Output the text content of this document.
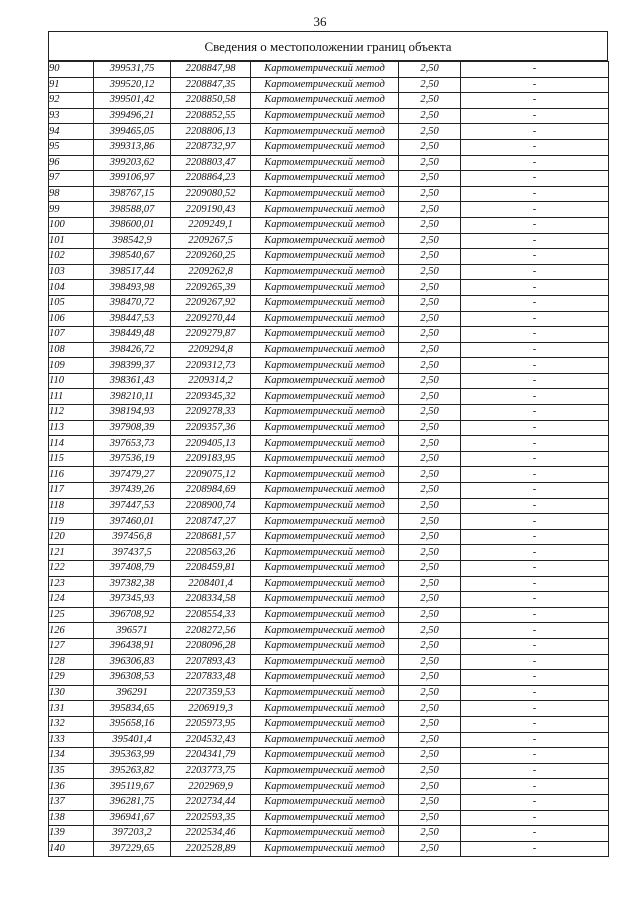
36
Сведения о местоположении границ объекта
90	399531,75	2208847,98	Картометрический метод	2,50	-
91	399520,12	2208847,35	Картометрический метод	2,50	-
92	399501,42	2208850,58	Картометрический метод	2,50	-
93	399496,21	2208852,55	Картометрический метод	2,50	-
94	399465,05	2208806,13	Картометрический метод	2,50	-
95	399313,86	2208732,97	Картометрический метод	2,50	-
96	399203,62	2208803,47	Картометрический метод	2,50	-
97	399106,97	2208864,23	Картометрический метод	2,50	-
98	398767,15	2209080,52	Картометрический метод	2,50	-
99	398588,07	2209190,43	Картометрический метод	2,50	-
100	398600,01	2209249,1	Картометрический метод	2,50	-
101	398542,9	2209267,5	Картометрический метод	2,50	-
102	398540,67	2209260,25	Картометрический метод	2,50	-
103	398517,44	2209262,8	Картометрический метод	2,50	-
104	398493,98	2209265,39	Картометрический метод	2,50	-
105	398470,72	2209267,92	Картометрический метод	2,50	-
106	398447,53	2209270,44	Картометрический метод	2,50	-
107	398449,48	2209279,87	Картометрический метод	2,50	-
108	398426,72	2209294,8	Картометрический метод	2,50	-
109	398399,37	2209312,73	Картометрический метод	2,50	-
110	398361,43	2209314,2	Картометрический метод	2,50	-
111	398210,11	2209345,32	Картометрический метод	2,50	-
112	398194,93	2209278,33	Картометрический метод	2,50	-
113	397908,39	2209357,36	Картометрический метод	2,50	-
114	397653,73	2209405,13	Картометрический метод	2,50	-
115	397536,19	2209183,95	Картометрический метод	2,50	-
116	397479,27	2209075,12	Картометрический метод	2,50	-
117	397439,26	2208984,69	Картометрический метод	2,50	-
118	397447,53	2208900,74	Картометрический метод	2,50	-
119	397460,01	2208747,27	Картометрический метод	2,50	-
120	397456,8	2208681,57	Картометрический метод	2,50	-
121	397437,5	2208563,26	Картометрический метод	2,50	-
122	397408,79	2208459,81	Картометрический метод	2,50	-
123	397382,38	2208401,4	Картометрический метод	2,50	-
124	397345,93	2208334,58	Картометрический метод	2,50	-
125	396708,92	2208554,33	Картометрический метод	2,50	-
126	396571	2208272,56	Картометрический метод	2,50	-
127	396438,91	2208096,28	Картометрический метод	2,50	-
128	396306,83	2207893,43	Картометрический метод	2,50	-
129	396308,53	2207833,48	Картометрический метод	2,50	-
130	396291	2207359,53	Картометрический метод	2,50	-
131	395834,65	2206919,3	Картометрический метод	2,50	-
132	395658,16	2205973,95	Картометрический метод	2,50	-
133	395401,4	2204532,43	Картометрический метод	2,50	-
134	395363,99	2204341,79	Картометрический метод	2,50	-
135	395263,82	2203773,75	Картометрический метод	2,50	-
136	395119,67	2202969,9	Картометрический метод	2,50	-
137	396281,75	2202734,44	Картометрический метод	2,50	-
138	396941,67	2202593,35	Картометрический метод	2,50	-
139	397203,2	2202534,46	Картометрический метод	2,50	-
140	397229,65	2202528,89	Картометрический метод	2,50	-
